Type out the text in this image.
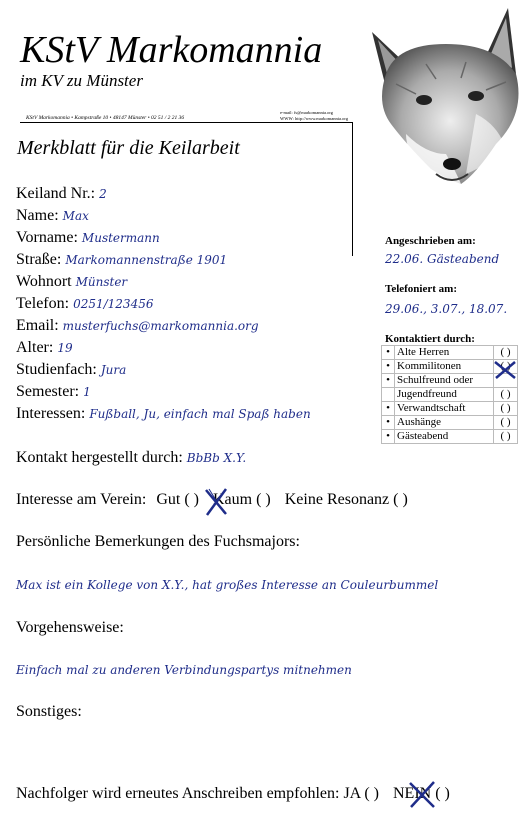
KStV Markomannia
im KV zu Münster
KStV Markomannia • Kampstraße 10 • 48147 Münster • 02 51 / 2 21 36
e-mail: fs@markomannia.org
WWW: http://www.markomannia.org
Merkblatt für die Keilarbeit
Keiland Nr.: 2
Name: Max
Vorname: Mustermann
Straße: Markomannenstraße 1901
Wohnort Münster
Telefon: 0251/123456
Email: musterfuchs@markomannia.org
Alter: 19
Studienfach: Jura
Semester: 1
Interessen: Fußball, Ju, einfach mal Spaß haben
Kontakt hergestellt durch: BbBb X.Y.
Interesse am Verein: Gut ( ) Kaum ( ) Keine Resonanz ( )
Persönliche Bemerkungen des Fuchsmajors:
Max ist ein Kollege von X.Y., hat großes Interesse an Couleurbummel
Vorgehensweise:
Einfach mal zu anderen Verbindungspartys mitnehmen
Sonstiges:
Nachfolger wird erneutes Anschreiben empfohlen: JA ( ) NEIN ( )
Angeschrieben am:
22.06. Gästeabend
Telefoniert am:
29.06., 3.07., 18.07.
Kontaktiert durch:
•	Alte Herren	( )
•	Kommilitonen	( )
•	Schulfreund oder	
	Jugendfreund	( )
•	Verwandtschaft	( )
•	Aushänge	( )
•	Gästeabend	( )
